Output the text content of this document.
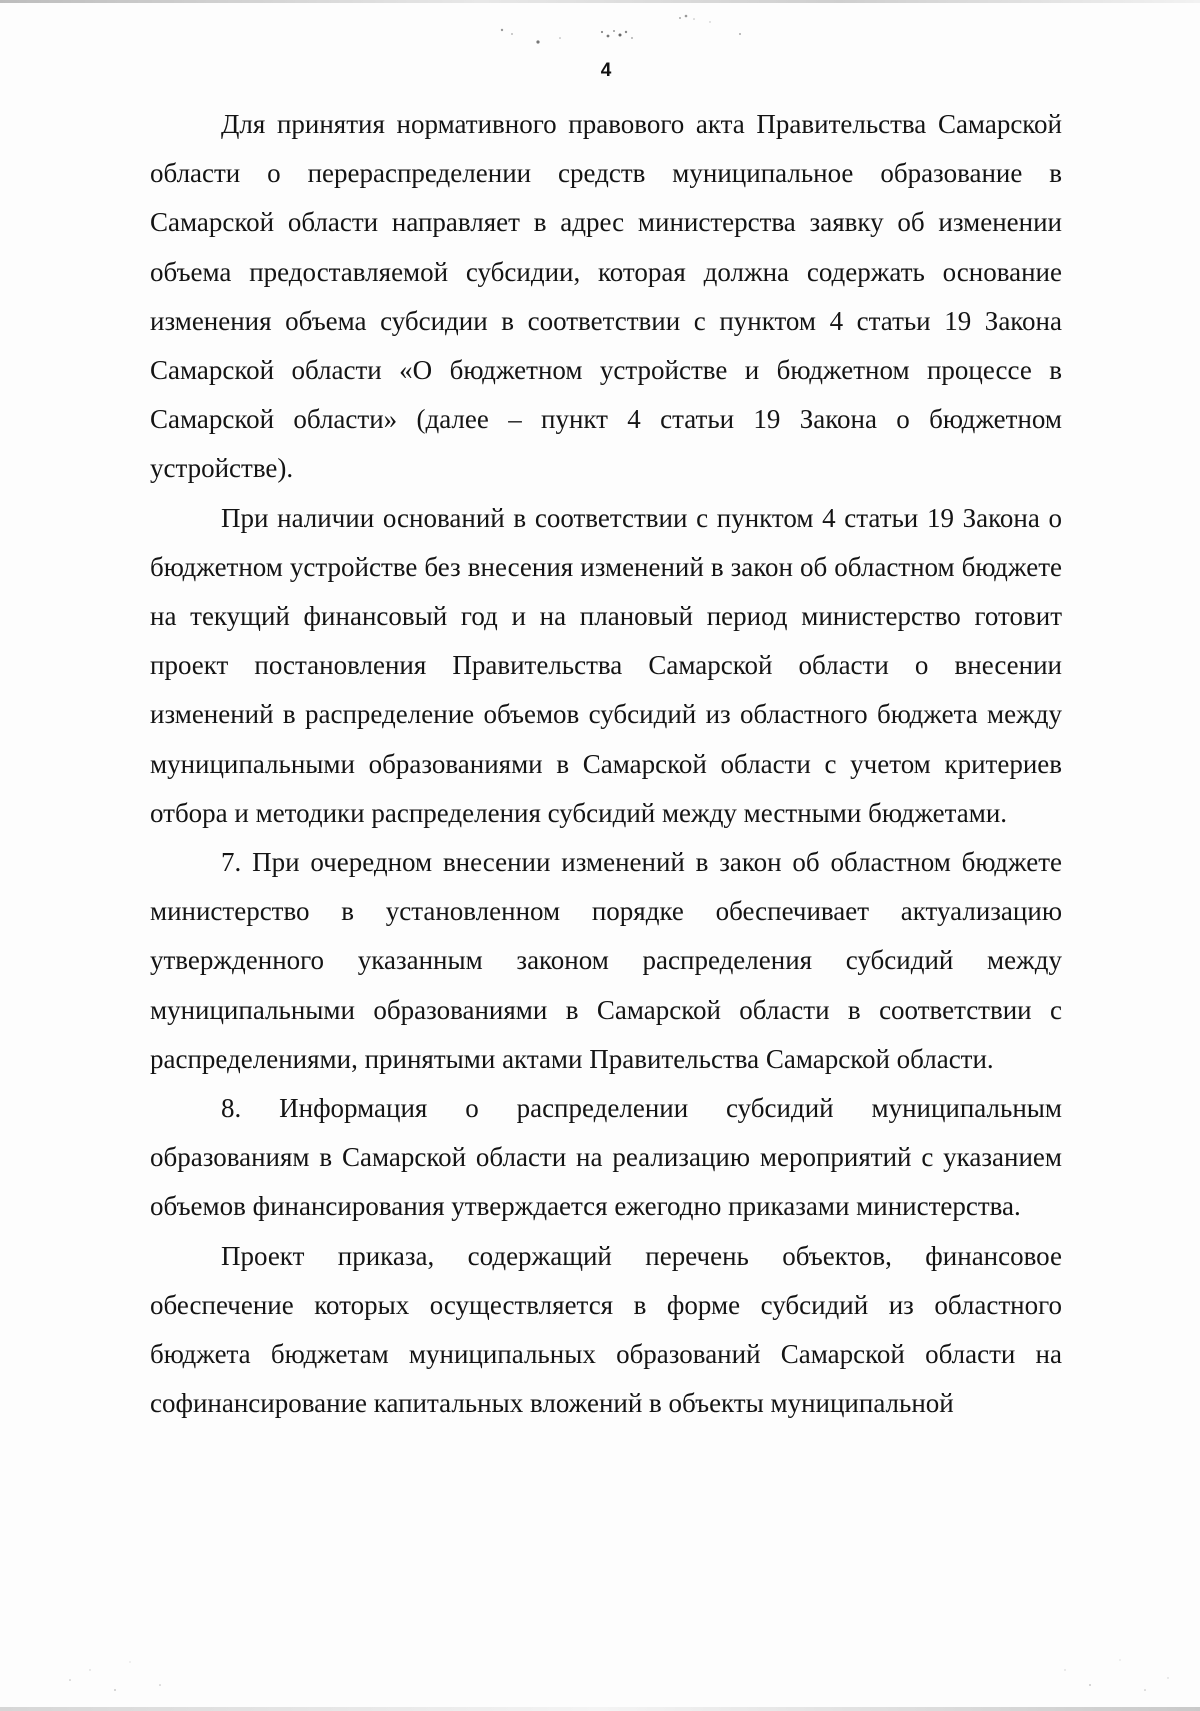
4

Для принятия нормативного правового акта Правительства Самарской области о перераспределении средств муниципальное образование в Самарской области направляет в адрес министерства заявку об изменении объема предоставляемой субсидии, которая должна содержать основание изменения объема субсидии в соответствии с пунктом 4 статьи 19 Закона Самарской области «О бюджетном устройстве и бюджетном процессе в Самарской области» (далее – пункт 4 статьи 19 Закона о бюджетном устройстве).

При наличии оснований в соответствии с пунктом 4 статьи 19 Закона о бюджетном устройстве без внесения изменений в закон об областном бюджете на текущий финансовый год и на плановый период министерство готовит проект постановления Правительства Самарской области о внесении изменений в распределение объемов субсидий из областного бюджета между муниципальными образованиями в Самарской области с учетом критериев отбора и методики распределения субсидий между местными бюджетами.

7. При очередном внесении изменений в закон об областном бюджете министерство в установленном порядке обеспечивает актуализацию утвержденного указанным законом распределения субсидий между муниципальными образованиями в Самарской области в соответствии с распределениями, принятыми актами Правительства Самарской области.

8. Информация о распределении субсидий муниципальным образованиям в Самарской области на реализацию мероприятий с указанием объемов финансирования утверждается ежегодно приказами министерства.

Проект приказа, содержащий перечень объектов, финансовое обеспечение которых осуществляется в форме субсидий из областного бюджета бюджетам муниципальных образований Самарской области на софинансирование капитальных вложений в объекты муниципальной
